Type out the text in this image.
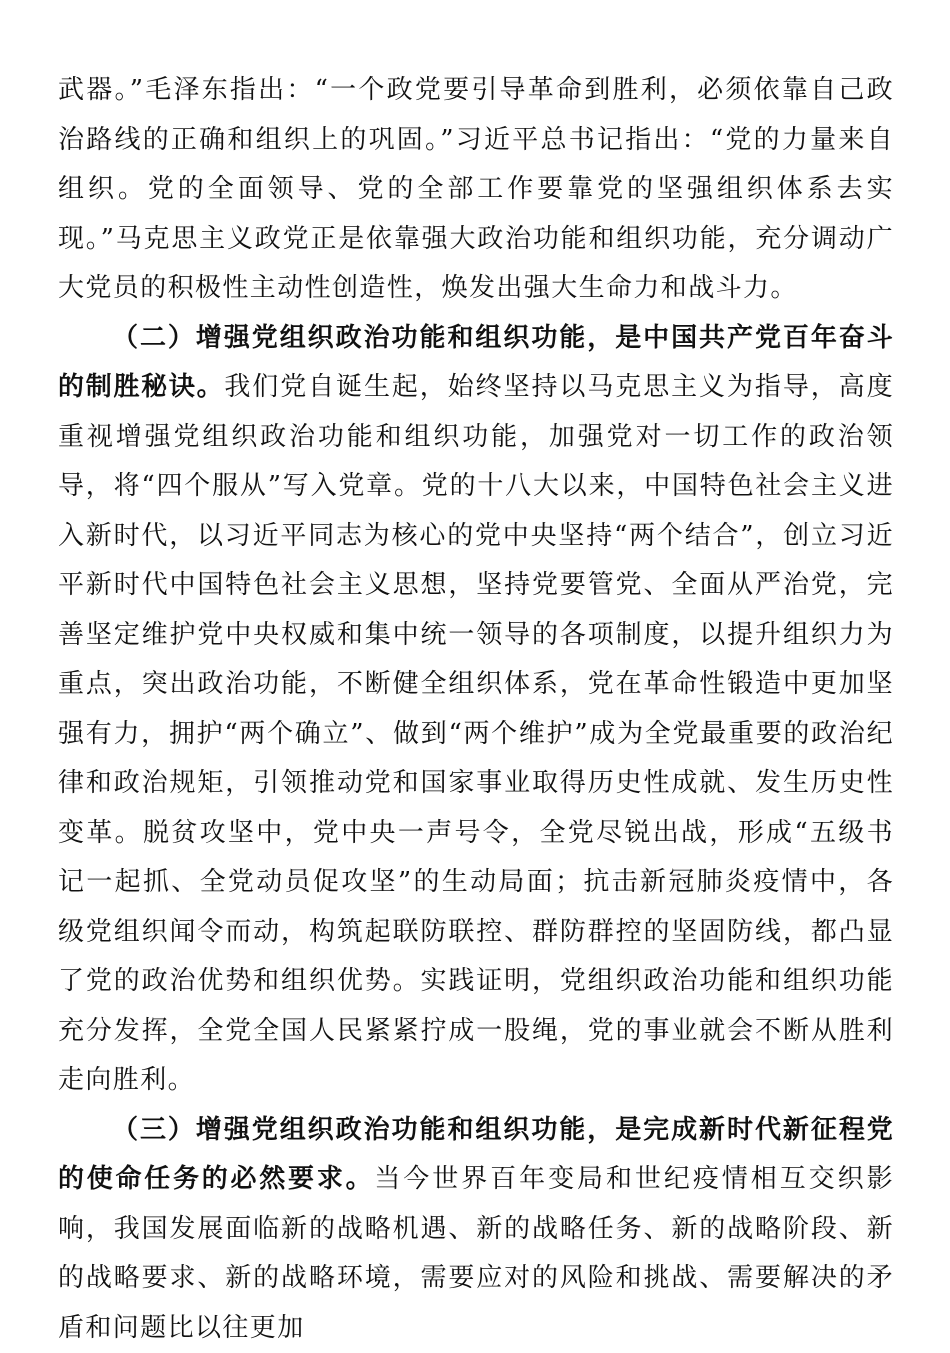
武器。”毛泽东指出：“一个政党要引导革命到胜利，必须依靠自己政治路线的正确和组织上的巩固。”习近平总书记指出：“党的力量来自组织。党的全面领导、党的全部工作要靠党的坚强组织体系去实现。”马克思主义政党正是依靠强大政治功能和组织功能，充分调动广大党员的积极性主动性创造性，焕发出强大生命力和战斗力。

（二）增强党组织政治功能和组织功能，是中国共产党百年奋斗的制胜秘诀。我们党自诞生起，始终坚持以马克思主义为指导，高度重视增强党组织政治功能和组织功能，加强党对一切工作的政治领导，将“四个服从”写入党章。党的十八大以来，中国特色社会主义进入新时代，以习近平同志为核心的党中央坚持“两个结合”，创立习近平新时代中国特色社会主义思想，坚持党要管党、全面从严治党，完善坚定维护党中央权威和集中统一领导的各项制度，以提升组织力为重点，突出政治功能，不断健全组织体系，党在革命性锻造中更加坚强有力，拥护“两个确立”、做到“两个维护”成为全党最重要的政治纪律和政治规矩，引领推动党和国家事业取得历史性成就、发生历史性变革。脱贫攻坚中，党中央一声号令，全党尽锐出战，形成“五级书记一起抓、全党动员促攻坚”的生动局面；抗击新冠肺炎疫情中，各级党组织闻令而动，构筑起联防联控、群防群控的坚固防线，都凸显了党的政治优势和组织优势。实践证明，党组织政治功能和组织功能充分发挥，全党全国人民紧紧拧成一股绳，党的事业就会不断从胜利走向胜利。

（三）增强党组织政治功能和组织功能，是完成新时代新征程党的使命任务的必然要求。当今世界百年变局和世纪疫情相互交织影响，我国发展面临新的战略机遇、新的战略任务、新的战略阶段、新的战略要求、新的战略环境，需要应对的风险和挑战、需要解决的矛盾和问题比以往更加
